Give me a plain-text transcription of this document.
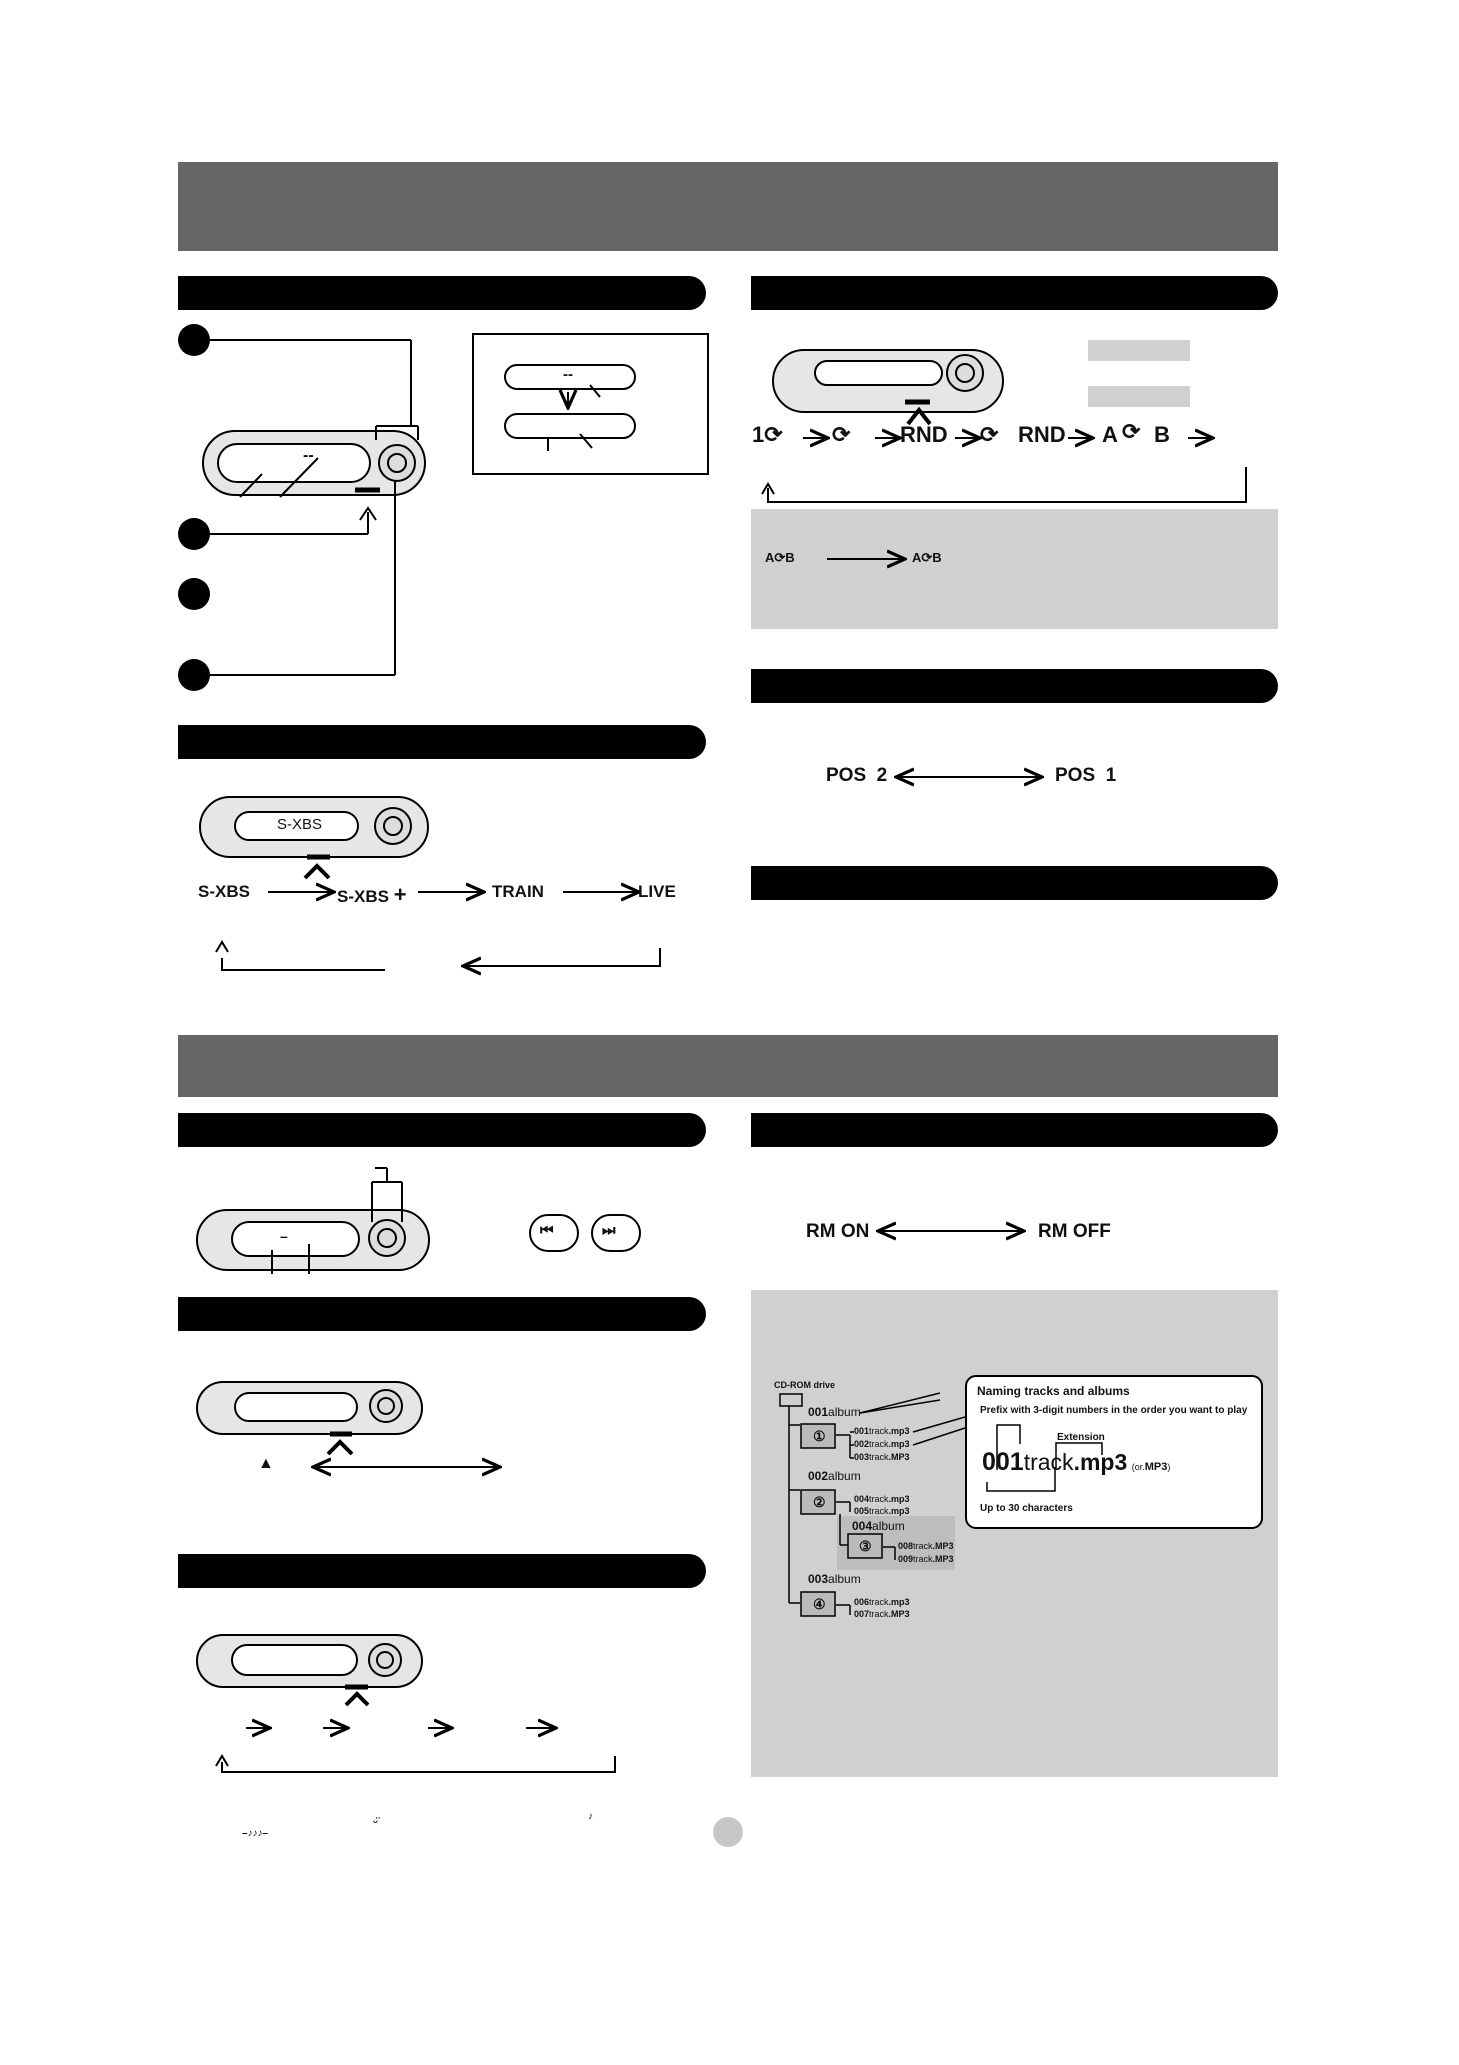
--
--
–
S-XBS
1⟳ ⟳ RND ⟳ RND A ⟳ B
A⟳B	A⟳B
POS  2	POS  1
S-XBS	S-XBS +	TRAIN	LIVE
⏮	⏭
▲
RM ON	RM OFF
CD-ROM drive
001album
002album
004album
003album
①
②
③
④
001track.mp3
002track.mp3
003track.MP3
004track.mp3
005track.mp3
008track.MP3
009track.MP3
006track.mp3
007track.MP3
Naming tracks and albums
Prefix with 3-digit numbers in the order you want to play
Extension
001track.mp3 (or.MP3)
Up to 30 characters
ᵕ̈	♪
–♪♪♪–
